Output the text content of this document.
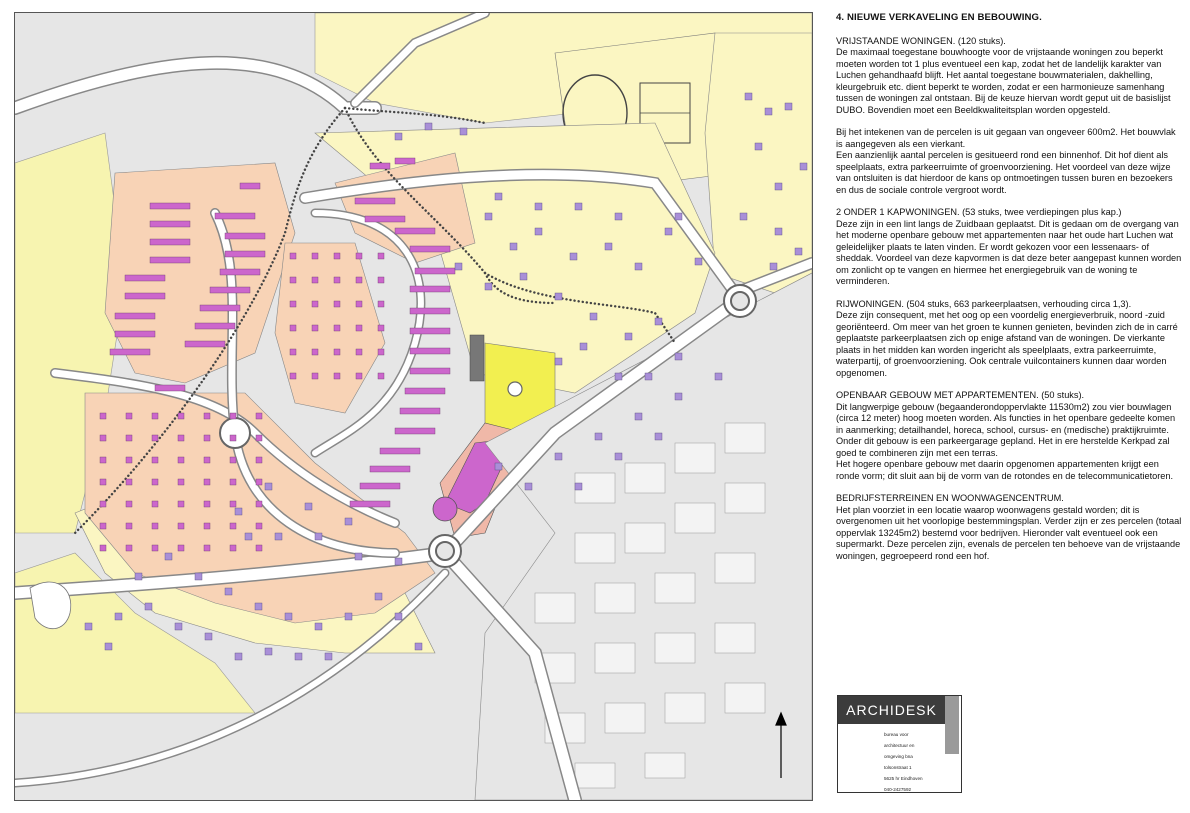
4. NIEUWE VERKAVELING EN BEBOUWING.
VRIJSTAANDE WONINGEN. (120 stuks).

De maximaal toegestane bouwhoogte voor de vrijstaande woningen zou beperkt moeten worden tot 1 plus eventueel een kap, zodat het de landelijk karakter van Luchen gehandhaafd blijft. Het aantal toegestane bouwmaterialen, dakhelling, kleurgebruik etc. dient beperkt te worden, zodat er een harmonieuze samenhang tussen de woningen zal ontstaan. Bij de keuze hiervan wordt geput uit de basislijst DUBO. Bovendien moet een Beeldkwaliteitsplan worden opgesteld.

Bij het intekenen van de percelen is uit gegaan van ongeveer 600m2. Het bouwvlak is aangegeven als een vierkant.

Een aanzienlijk aantal percelen is gesitueerd rond een binnenhof. Dit hof dient als speelplaats, extra parkeerruimte of groenvoorziening. Het voordeel van deze wijze van ontsluiten is dat hierdoor de kans op ontmoetingen tussen buren en bezoekers en dus de sociale controle vergroot wordt.

2 ONDER 1 KAPWONINGEN. (53 stuks, twee verdiepingen plus kap.)

Deze zijn in een lint langs de Zuidbaan geplaatst. Dit is gedaan om de overgang van het moderne openbare gebouw met appartementen naar het oude hart Luchen wat geleidelijker plaats te laten vinden. Er wordt gekozen voor een lessenaars- of sheddak. Voordeel van deze kapvormen is dat deze beter aangepast kunnen worden om zonlicht op te vangen en hiermee het energiegebruik van de woning te verminderen.

RIJWONINGEN. (504 stuks, 663 parkeerplaatsen, verhouding circa 1,3).

Deze zijn consequent, met het oog op een voordelig energieverbruik, noord -zuid georiënteerd. Om meer van het groen te kunnen genieten, bevinden zich de in carré geplaatste parkeerplaatsen zich op enige afstand van de woningen. De vierkante plaats in het midden kan worden ingericht als speelplaats, extra parkeerruimte, waterpartij, of groenvoorziening. Ook centrale vuilcontainers kunnen daar worden opgenomen.

OPENBAAR GEBOUW MET APPARTEMENTEN. (50 stuks).

Dit langwerpige gebouw (begaanderondoppervlakte 11530m2) zou vier bouwlagen (circa 12 meter) hoog moeten worden. Als functies in het openbare gedeelte komen in aanmerking; detailhandel, horeca, school, cursus- en (medische) praktijkruimte. Onder dit gebouw is een parkeergarage gepland. Het in ere herstelde Kerkpad zal goed te combineren zijn met een terras.

Het hogere openbare gebouw met daarin opgenomen appartementen krijgt een ronde vorm; dit sluit aan bij de vorm van de rotondes en de telecommunicatietoren.

BEDRIJFSTERREINEN EN WOONWAGENCENTRUM.

Het plan voorziet in een locatie waarop woonwagens gestald worden; dit is overgenomen uit het voorlopige bestemmingsplan. Verder zijn er zes percelen (totaal oppervlak 13245m2) bestemd voor bedrijven. Hieronder valt eventueel ook een supermarkt. Deze percelen zijn, evenals de percelen ten behoeve van de vrijstaande woningen, gegroepeerd rond een hof.

ARCHIDESK
bureau voor
architectuur en
omgeving bna
tolsonstraat 1
5625 hr Eindhoven
040-2427592
